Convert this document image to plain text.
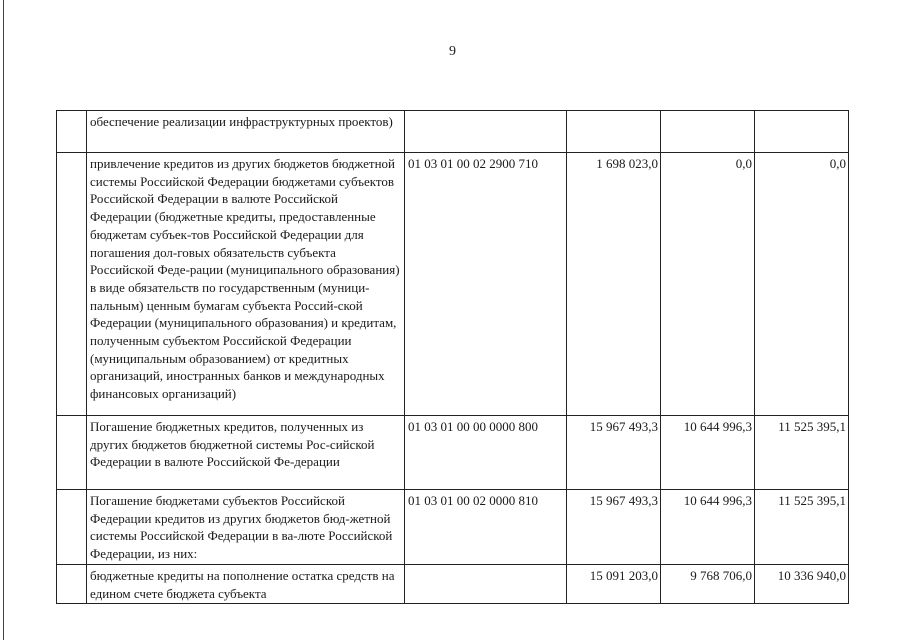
9
	обеспечение реализации инфраструктурных проектов)				
	привлечение кредитов из других бюджетов бюджетной системы Российской Федерации бюджетами субъектов Российской Федерации в валюте Российской Федерации (бюджетные кредиты, предоставленные бюджетам субъек-тов Российской Федерации для погашения дол-говых обязательств субъекта Российской Феде-рации (муниципального образования) в виде обязательств по государственным (муници-пальным) ценным бумагам субъекта Россий-ской Федерации (муниципального образования) и кредитам, полученным субъектом Российской Федерации (муниципальным образованием) от кредитных организаций, иностранных банков и международных финансовых организаций)	01 03 01 00 02 2900 710	1 698 023,0	0,0	0,0
	Погашение бюджетных кредитов, полученных из других бюджетов бюджетной системы Рос-сийской Федерации в валюте Российской Фе-дерации	01 03 01 00 00 0000 800	15 967 493,3	10 644 996,3	11 525 395,1
	Погашение бюджетами субъектов Российской Федерации кредитов из других бюджетов бюд-жетной системы Российской Федерации в ва-люте Российской Федерации, из них:	01 03 01 00 02 0000 810	15 967 493,3	10 644 996,3	11 525 395,1
	бюджетные кредиты на пополнение остатка средств на едином счете бюджета субъекта		15 091 203,0	9 768 706,0	10 336 940,0
